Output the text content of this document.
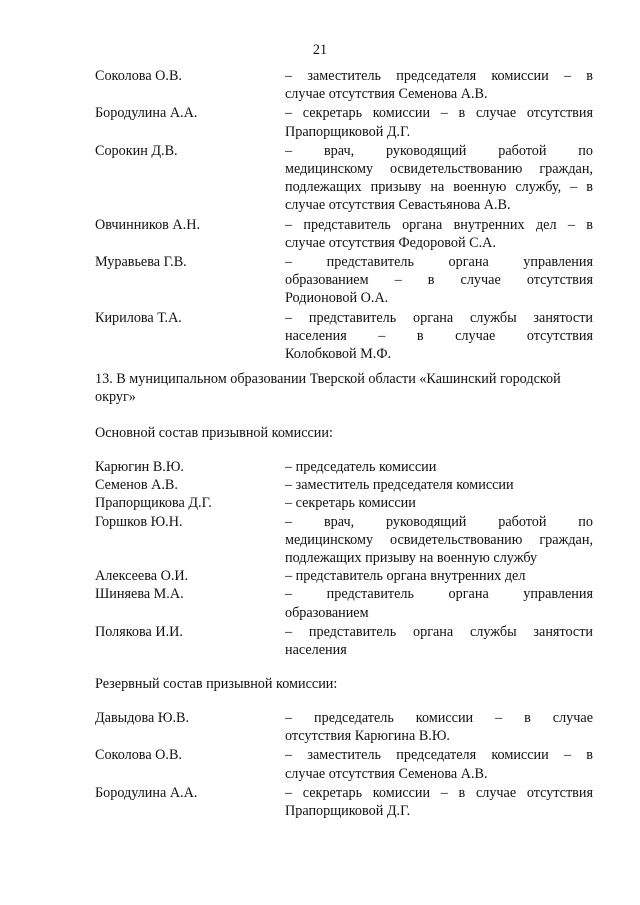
21
Соколова О.В.	– заместитель председателя комиссии – в
случае отсутствия Семенова А.В.
Бородулина А.А.	– секретарь комиссии – в случае отсутствия
Прапорщиковой Д.Г.
Сорокин Д.В.	– врач, руководящий работой по
медицинскому освидетельствованию граждан,
подлежащих призыву на военную службу, – в
случае отсутствия Севастьянова А.В.
Овчинников А.Н.	– представитель органа внутренних дел – в
случае отсутствия Федоровой С.А.
Муравьева Г.В.	– представитель органа управления
образованием – в случае отсутствия
Родионовой О.А.
Кирилова Т.А.	– представитель органа службы занятости
населения – в случае отсутствия
Колобковой М.Ф.
13. В муниципальном образовании Тверской области «Кашинский городской
округ»
Основной состав призывной комиссии:
Карюгин В.Ю.	– председатель комиссии
Семенов А.В.	– заместитель председателя комиссии
Прапорщикова Д.Г.	– секретарь комиссии
Горшков Ю.Н.	– врач, руководящий работой по
медицинскому освидетельствованию граждан,
подлежащих призыву на военную службу
Алексеева О.И.	– представитель органа внутренних дел
Шиняева М.А.	– представитель органа управления
образованием
Полякова И.И.	– представитель органа службы занятости
населения
Резервный состав призывной комиссии:
Давыдова Ю.В.	– председатель комиссии – в случае
отсутствия Карюгина В.Ю.
Соколова О.В.	– заместитель председателя комиссии – в
случае отсутствия Семенова А.В.
Бородулина А.А.	– секретарь комиссии – в случае отсутствия
Прапорщиковой Д.Г.
